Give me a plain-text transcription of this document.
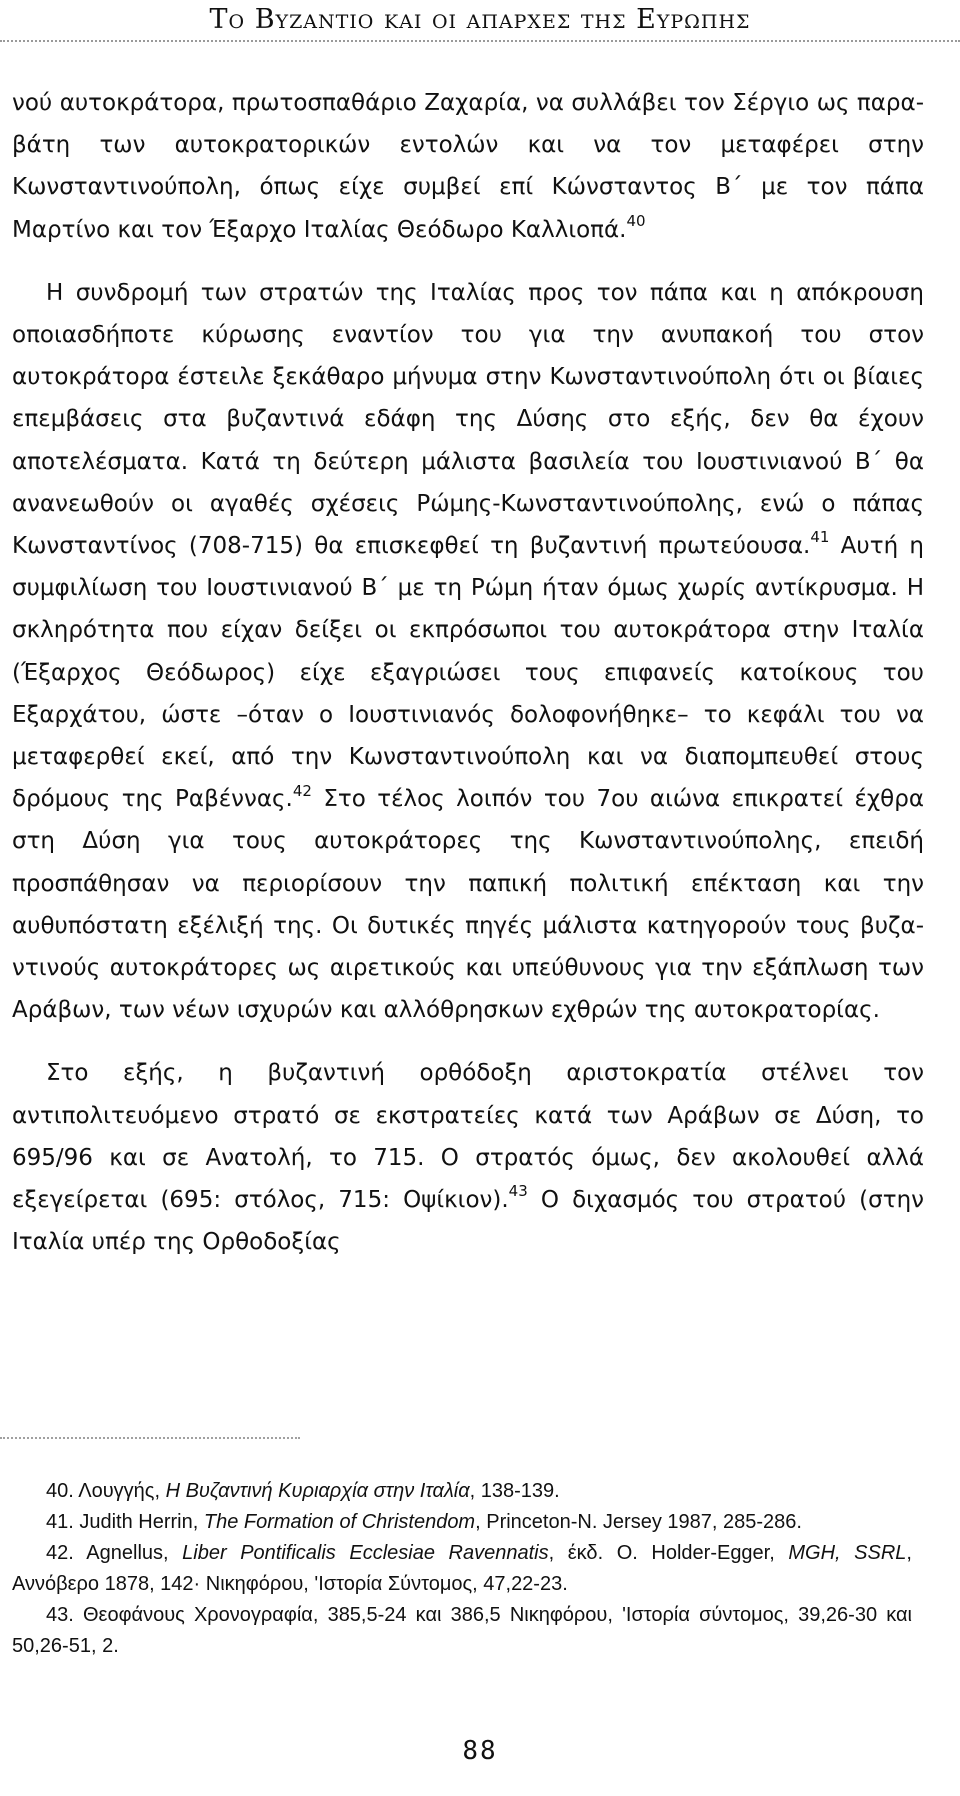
Το Βυζαντιο και οι απαρχεσ τησ Ευρωπησ

νού αυτοκράτορα, πρωτοσπαθάριο Ζαχαρία, να συλλάβει τον Σέργιο ως παραβάτη των αυτοκρατορικών εντολών και να τον μεταφέρει στην Κωνσταντινούπολη, όπως είχε συμβεί επί Κώνσταντος Β΄ με τον πάπα Μαρτίνο και τον Έξαρχο Ιταλίας Θεόδωρο Καλλιοπά.$^{40}$

Η συνδρομή των στρατών της Ιταλίας προς τον πάπα και η απόκρουση οποιασδήποτε κύρωσης εναντίον του για την ανυπακοή του στον αυτοκράτορα έστειλε ξεκάθαρο μήνυμα στην Κωνσταντινούπολη ότι οι βίαιες επεμβάσεις στα βυζαντινά εδάφη της Δύσης στο εξής, δεν θα έχουν αποτελέσματα. Κατά τη δεύτερη μάλιστα βασιλεία του Ιουστινιανού Β΄ θα ανανεωθούν οι αγαθές σχέσεις Ρώμης-Κωνσταντινούπολης, ενώ ο πάπας Κωνσταντίνος (708-715) θα επισκεφθεί τη βυζαντινή πρωτεύουσα.$^{41}$ Αυτή η συμφιλίωση του Ιουστινιανού Β΄ με τη Ρώμη ήταν όμως χωρίς αντίκρυσμα. Η σκληρότητα που είχαν δείξει οι εκπρόσωποι του αυτοκράτορα στην Ιταλία (Έξαρχος Θεόδωρος) είχε εξαγριώσει τους επιφανείς κατοίκους του Εξαρχάτου, ώστε –όταν ο Ιουστινιανός δολοφονήθηκε– το κεφάλι του να μεταφερθεί εκεί, από την Κωνσταντινούπολη και να διαπομπευθεί στους δρόμους της Ραβέννας.$^{42}$ Στο τέλος λοιπόν του 7ου αιώνα επικρατεί έχθρα στη Δύση για τους αυτοκράτορες της Κωνσταντινούπολης, επειδή προσπάθησαν να περιορίσουν την παπική πολιτική επέκταση και την αυθυπόστατη εξέλιξή της. Οι δυτικές πηγές μάλιστα κατηγορούν τους βυζαντινούς αυτοκράτορες ως αιρετικούς και υπεύθυνους για την εξάπλωση των Αράβων, των νέων ισχυρών και αλλόθρησκων εχθρών της αυτοκρατορίας.

Στο εξής, η βυζαντινή ορθόδοξη αριστοκρατία στέλνει τον αντιπολιτευόμενο στρατό σε εκστρατείες κατά των Αράβων σε Δύση, το 695/96 και σε Ανατολή, το 715. Ο στρατός όμως, δεν ακολουθεί αλλά εξεγείρεται (695: στόλος, 715: Οψίκιον).$^{43}$ Ο διχασμός του στρατού (στην Ιταλία υπέρ της Ορθοδοξίας

40. Λουγγής, Η Βυζαντινή Κυριαρχία στην Ιταλία, 138-139.

41. Judith Herrin, The Formation of Christendom, Princeton-N. Jersey 1987, 285-286.

42. Agnellus, Liber Pontificalis Ecclesiae Ravennatis, έκδ. O. Holder-Egger, MGH, SSRL, Αννόβερο 1878, 142· Νικηφόρου, 'Ιστορία Σύντομος, 47,22-23.

43. Θεοφάνους Χρονογραφία, 385,5-24 και 386,5 Νικηφόρου, 'Ιστορία σύντομος, 39,26-30 και 50,26-51, 2.

88
